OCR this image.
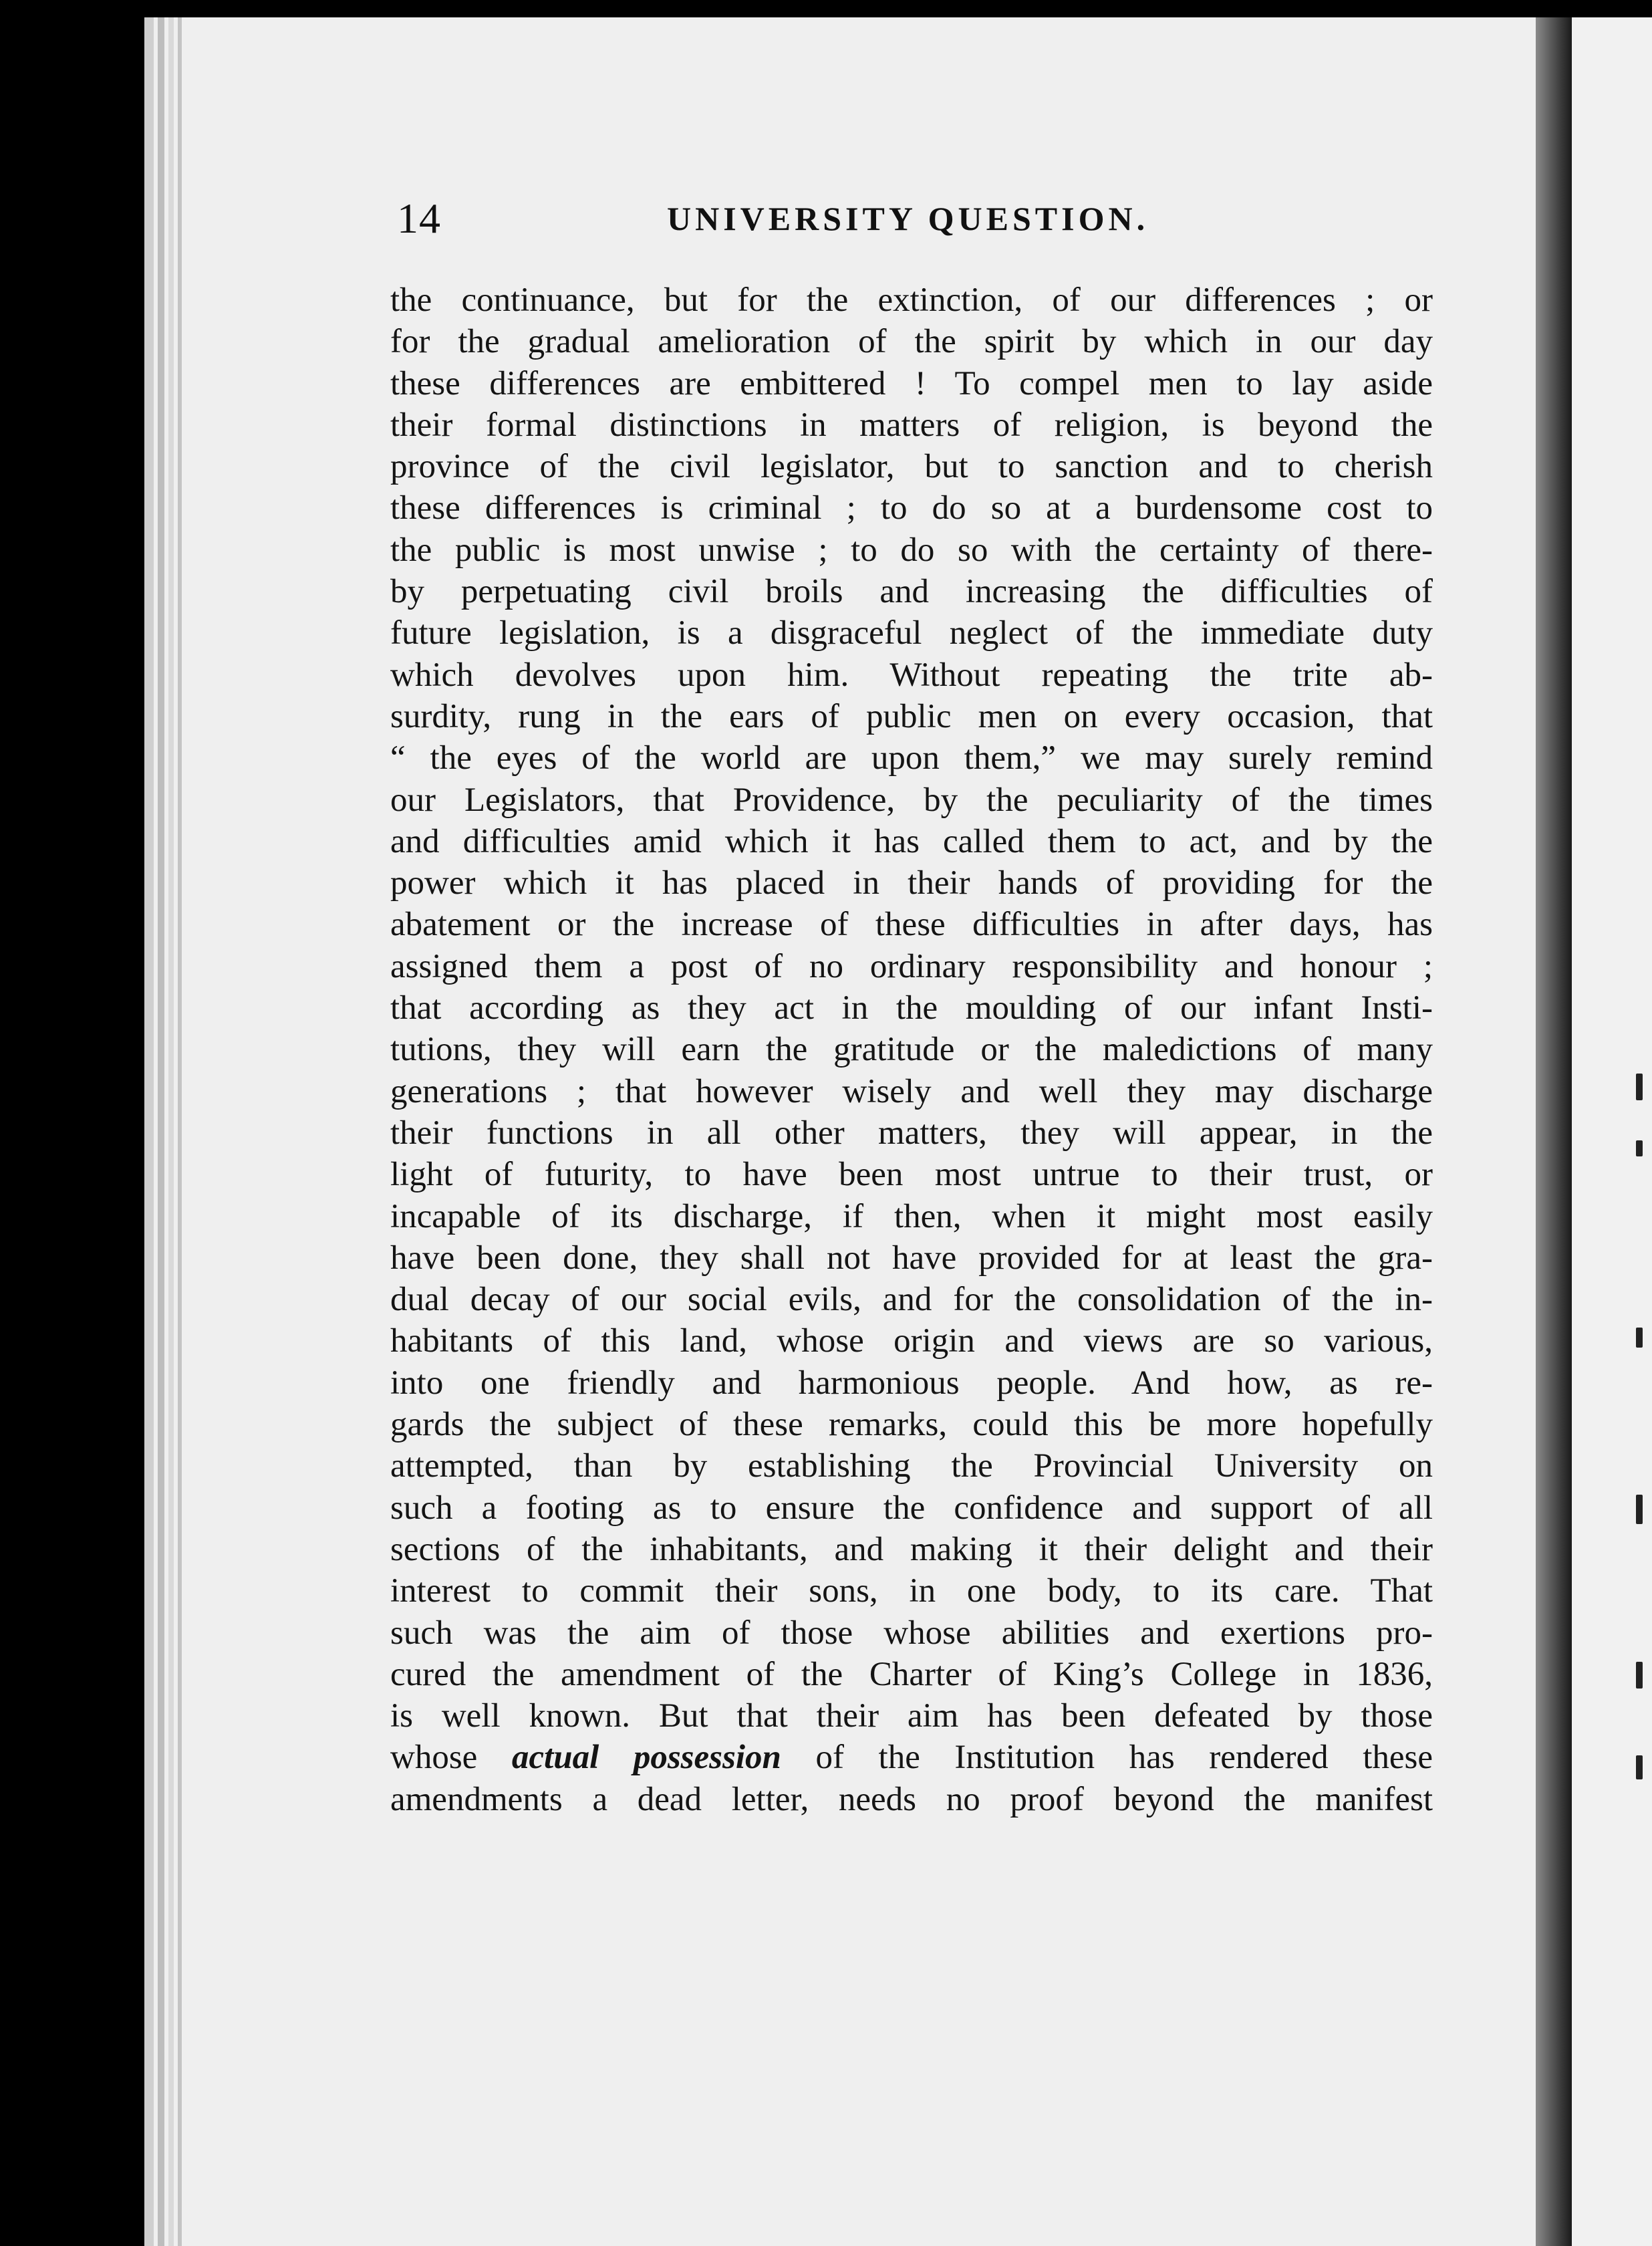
14	UNIVERSITY QUESTION.
the continuance, but for the extinction, of our differences ; or
for the gradual amelioration of the spirit by which in our day
these differences are embittered ! To compel men to lay aside
their formal distinctions in matters of religion, is beyond the
province of the civil legislator, but to sanction and to cherish
these differences is criminal ; to do so at a burdensome cost to
the public is most unwise ; to do so with the certainty of there-
by perpetuating civil broils and increasing the difficulties of
future legislation, is a disgraceful neglect of the immediate duty
which devolves upon him. Without repeating the trite ab-
surdity, rung in the ears of public men on every occasion, that
“ the eyes of the world are upon them,” we may surely remind
our Legislators, that Providence, by the peculiarity of the times
and difficulties amid which it has called them to act, and by the
power which it has placed in their hands of providing for the
abatement or the increase of these difficulties in after days, has
assigned them a post of no ordinary responsibility and honour ;
that according as they act in the moulding of our infant Insti-
tutions, they will earn the gratitude or the maledictions of many
generations ; that however wisely and well they may discharge
their functions in all other matters, they will appear, in the
light of futurity, to have been most untrue to their trust, or
incapable of its discharge, if then, when it might most easily
have been done, they shall not have provided for at least the gra-
dual decay of our social evils, and for the consolidation of the in-
habitants of this land, whose origin and views are so various,
into one friendly and harmonious people. And how, as re-
gards the subject of these remarks, could this be more hopefully
attempted, than by establishing the Provincial University on
such a footing as to ensure the confidence and support of all
sections of the inhabitants, and making it their delight and their
interest to commit their sons, in one body, to its care. That
such was the aim of those whose abilities and exertions pro-
cured the amendment of the Charter of King’s College in 1836,
is well known. But that their aim has been defeated by those
whose actual possession of the Institution has rendered these
amendments a dead letter, needs no proof beyond the manifest
